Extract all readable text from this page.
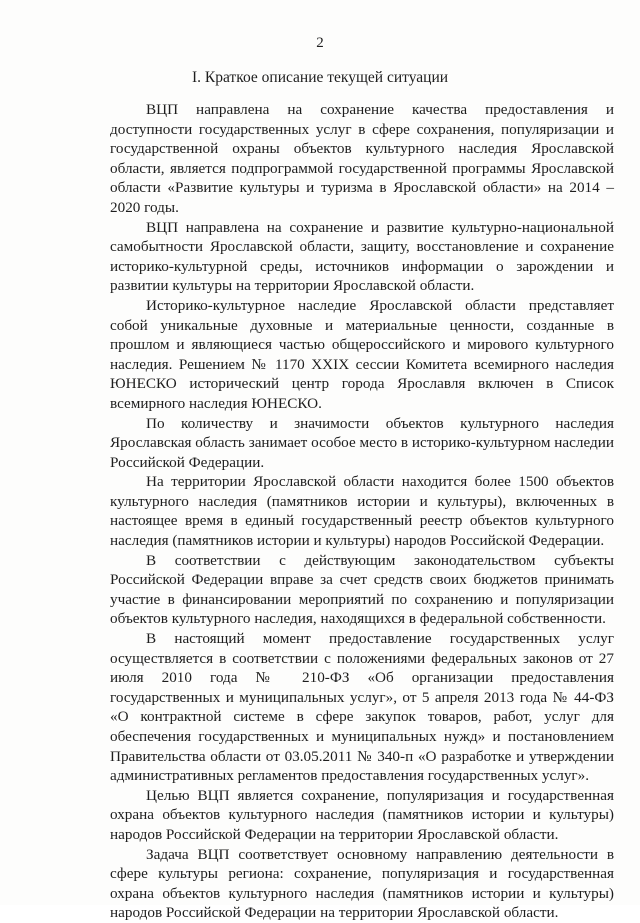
2
I. Краткое описание текущей ситуации

ВЦП направлена на сохранение качества предоставления и доступности государственных услуг в сфере сохранения, популяризации и государственной охраны объектов культурного наследия Ярославской области, является подпрограммой государственной программы Ярославской области «Развитие культуры и туризма в Ярославской области» на 2014 – 2020 годы.

ВЦП направлена на сохранение и развитие культурно-национальной самобытности Ярославской области, защиту, восстановление и сохранение историко-культурной среды, источников информации о зарождении и развитии культуры на территории Ярославской области.

Историко-культурное наследие Ярославской области представляет собой уникальные духовные и материальные ценности, созданные в прошлом и являющиеся частью общероссийского и мирового культурного наследия. Решением № 1170 XXIX сессии Комитета всемирного наследия ЮНЕСКО исторический центр города Ярославля включен в Список всемирного наследия ЮНЕСКО.

По количеству и значимости объектов культурного наследия Ярославская область занимает особое место в историко-культурном наследии Российской Федерации.

На территории Ярославской области находится более 1500 объектов культурного наследия (памятников истории и культуры), включенных в настоящее время в единый государственный реестр объектов культурного наследия (памятников истории и культуры) народов Российской Федерации.

В соответствии с действующим законодательством субъекты Российской Федерации вправе за счет средств своих бюджетов принимать участие в финансировании мероприятий по сохранению и популяризации объектов культурного наследия, находящихся в федеральной собственности.

В настоящий момент предоставление государственных услуг осуществляется в соответствии с положениями федеральных законов от 27 июля 2010 года № 210-ФЗ «Об организации предоставления государственных и муниципальных услуг», от 5 апреля 2013 года № 44-ФЗ «О контрактной системе в сфере закупок товаров, работ, услуг для обеспечения государственных и муниципальных нужд» и постановлением Правительства области от 03.05.2011 № 340-п «О разработке и утверждении административных регламентов предоставления государственных услуг».

Целью ВЦП является сохранение, популяризация и государственная охрана объектов культурного наследия (памятников истории и культуры) народов Российской Федерации на территории Ярославской области.

Задача ВЦП соответствует основному направлению деятельности в сфере культуры региона: сохранение, популяризация и государственная охрана объектов культурного наследия (памятников истории и культуры) народов Российской Федерации на территории Ярославской области.
